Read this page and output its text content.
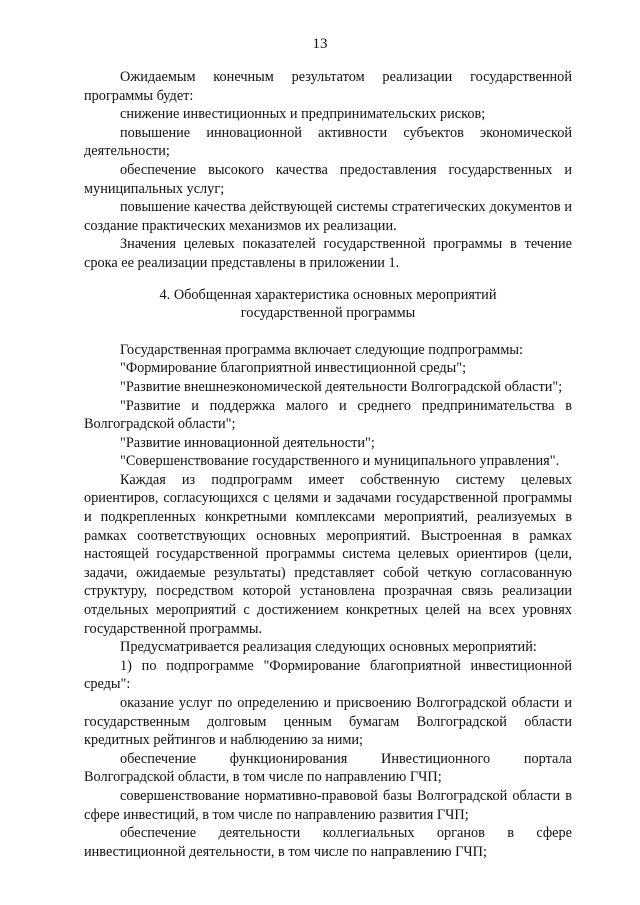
13

Ожидаемым конечным результатом реализации государственной программы будет:

снижение инвестиционных и предпринимательских рисков;

повышение инновационной активности субъектов экономической деятельности;

обеспечение высокого качества предоставления государственных и муниципальных услуг;

повышение качества действующей системы стратегических документов и создание практических механизмов их реализации.

Значения целевых показателей государственной программы в течение срока ее реализации представлены в приложении 1.

4. Обобщенная характеристика основных мероприятий
государственной программы

Государственная программа включает следующие подпрограммы:

"Формирование благоприятной инвестиционной среды";

"Развитие внешнеэкономической деятельности Волгоградской области";

"Развитие и поддержка малого и среднего предпринимательства в Волгоградской области";

"Развитие инновационной деятельности";

"Совершенствование государственного и муниципального управления".

Каждая из подпрограмм имеет собственную систему целевых ориентиров, согласующихся с целями и задачами государственной программы и подкрепленных конкретными комплексами мероприятий, реализуемых в рамках соответствующих основных мероприятий. Выстроенная в рамках настоящей государственной программы система целевых ориентиров (цели, задачи, ожидаемые результаты) представляет собой четкую согласованную структуру, посредством которой установлена прозрачная связь реализации отдельных мероприятий с достижением конкретных целей на всех уровнях государственной программы.

Предусматривается реализация следующих основных мероприятий:

1) по подпрограмме "Формирование благоприятной инвестиционной среды":

оказание услуг по определению и присвоению Волгоградской области и государственным долговым ценным бумагам Волгоградской области кредитных рейтингов и наблюдению за ними;

обеспечение функционирования Инвестиционного портала Волгоградской области, в том числе по направлению ГЧП;

совершенствование нормативно-правовой базы Волгоградской области в сфере инвестиций, в том числе по направлению развития ГЧП;

обеспечение деятельности коллегиальных органов в сфере инвестиционной деятельности, в том числе по направлению ГЧП;
